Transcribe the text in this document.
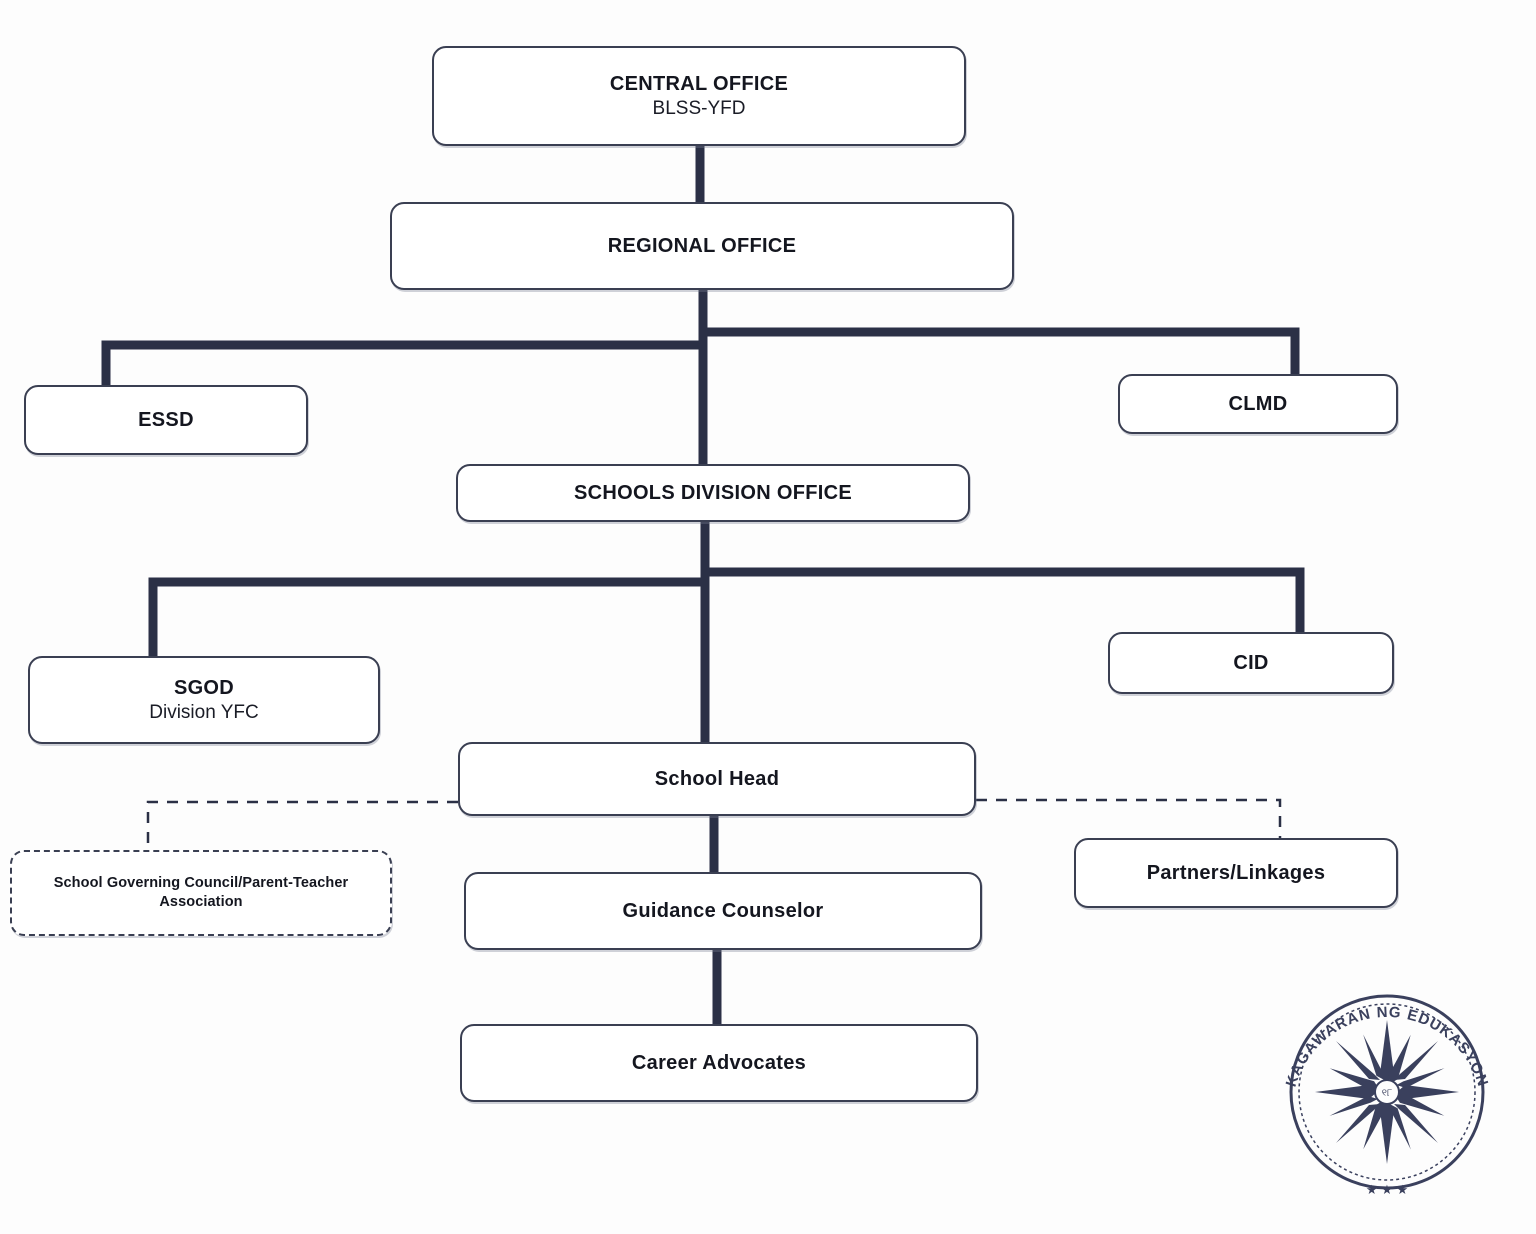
CENTRAL OFFICE
BLSS-YFD
REGIONAL OFFICE
ESSD
CLMD
SCHOOLS DIVISION OFFICE
SGOD
Division YFC
CID
School Head
School Governing Council/Parent-Teacher Association
Partners/Linkages
Guidance Counselor
Career Advocates
KAGAWARAN NG EDUKASYON
୧୮
★ ★ ★
